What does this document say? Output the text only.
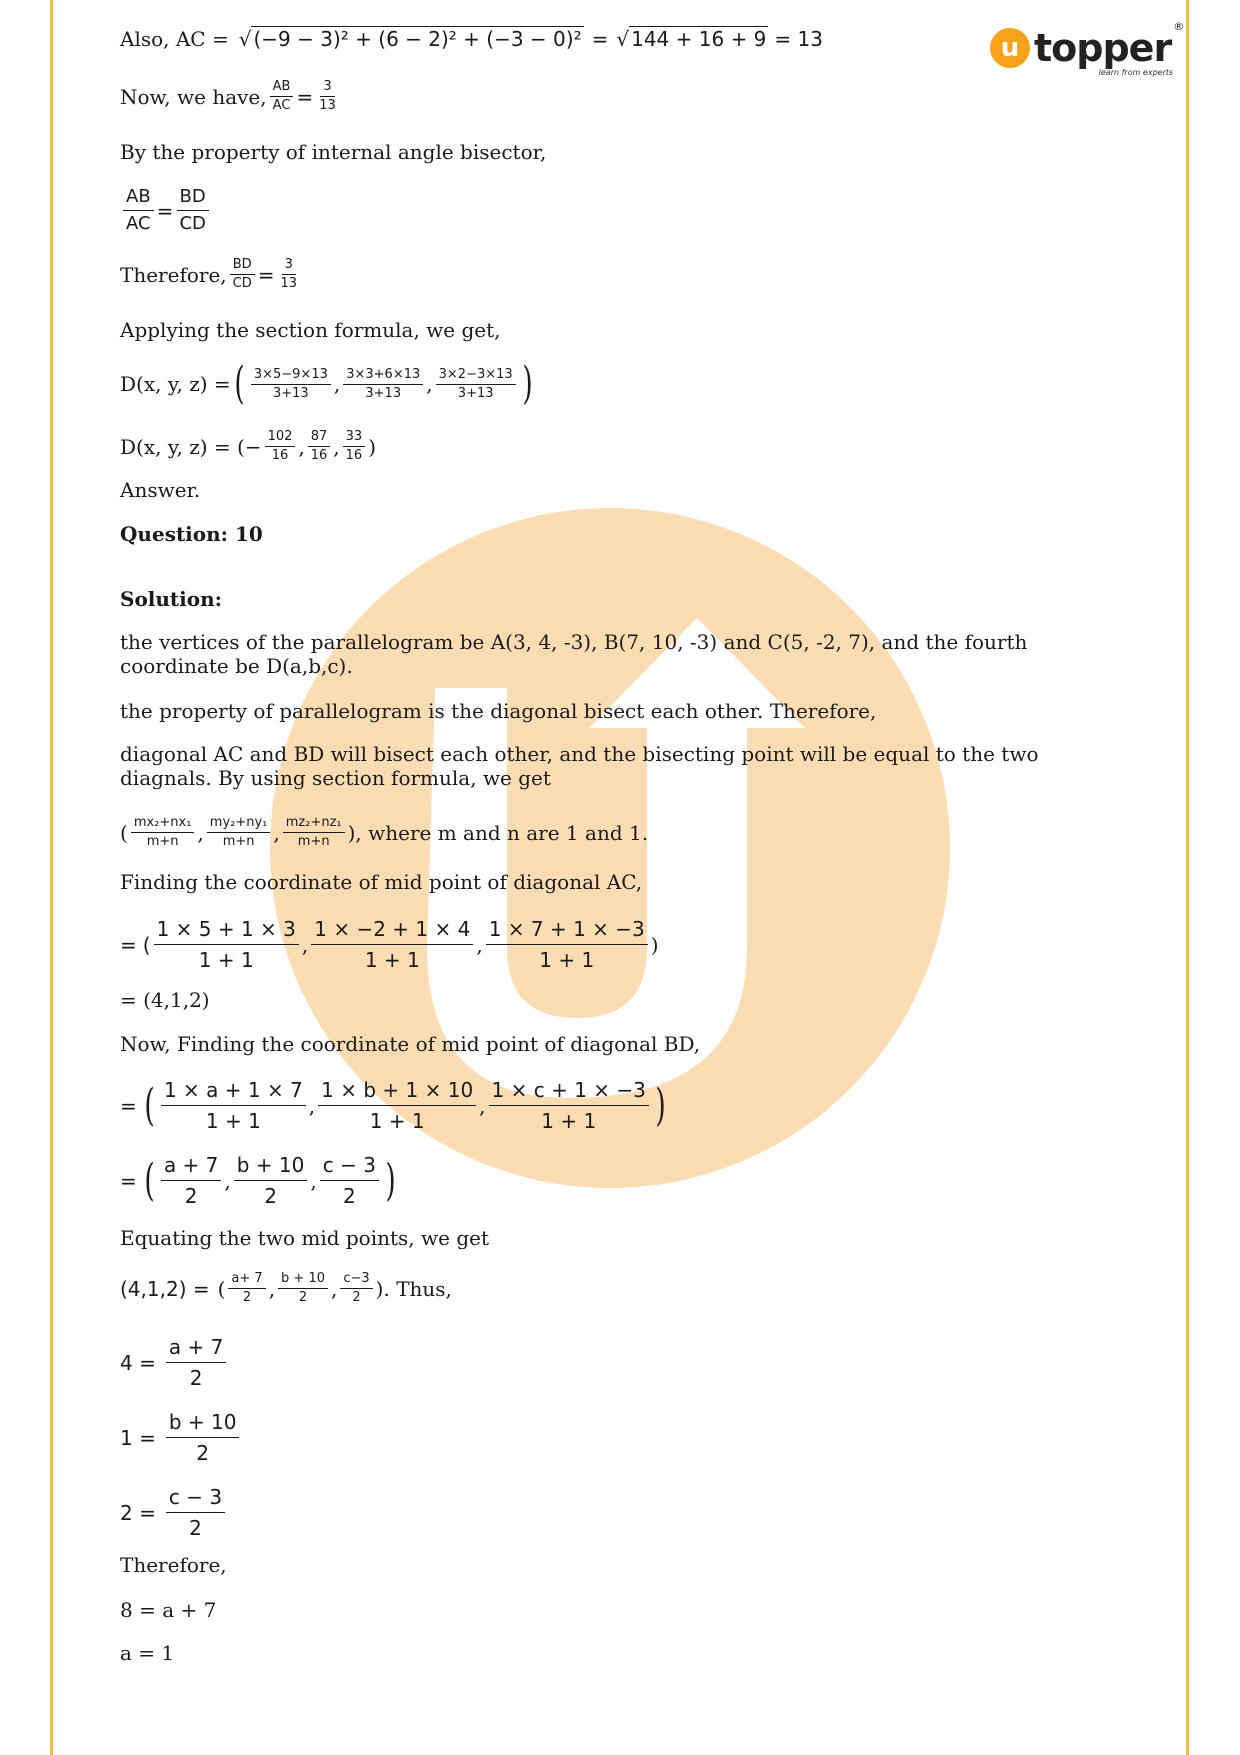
u topper ®
learn from experts
Also, AC = √ (−9 − 3)² + (6 − 2)² + (−3 − 0)² = √ 144 + 16 + 9 = 13
Now, we have, $\frac{AB}{AC} = \frac{3}{13}$
By the property of internal angle bisector,
$\frac{AB}{AC} = \frac{BD}{CD}$
Therefore, $\frac{BD}{CD} = \frac{3}{13}$
Applying the section formula, we get,
D(x, y, z) = ( $\frac{3\times 5-9\times 13}{3+13}$ , $\frac{3\times 3+6\times 13}{3+13}$ , $\frac{3\times 2-3\times 13}{3+13}$ )
D(x, y, z) = (− $\frac{102}{16}$ , $\frac{87}{16}$ , $\frac{33}{16}$ )
Answer.
Question: 10
Solution:
the vertices of the parallelogram be A(3, 4, -3), B(7, 10, -3) and C(5, -2, 7), and the fourth coordinate be D(a,b,c).
the property of parallelogram is the diagonal bisect each other. Therefore,
diagonal AC and BD will bisect each other, and the bisecting point will be equal to the two diagnals. By using section formula, we get
( $\frac{\text{mx₂+nx₁}}{m+n}$ , $\frac{\text{my₂+ny₁}}{m+n}$ , $\frac{\text{mz₂+nz₁}}{m+n}$ ), where m and n are 1 and 1.
Finding the coordinate of mid point of diagonal AC,
= ( $\frac{1 \times 5 + 1 \times 3}{1 + 1}$ , $\frac{1 \times -2 + 1 \times 4}{1 + 1}$ , $\frac{1 \times 7 + 1 \times -3}{1 + 1}$ )
= (4,1,2)
Now, Finding the coordinate of mid point of diagonal BD,
= ( $\frac{1 \times a + 1 \times 7}{1 + 1}$ , $\frac{1 \times b + 1 \times 10}{1 + 1}$ , $\frac{1 \times c + 1 \times -3}{1 + 1}$ )
= ( $\frac{a + 7}{2}$ , $\frac{b + 10}{2}$ , $\frac{c - 3}{2}$ )
Equating the two mid points, we get
(4,1,2) = ( $\frac{a+ 7}{2}$ , $\frac{b + 10}{2}$ , $\frac{c-3}{2}$ ). Thus,
$4 = \frac{a + 7}{2}$
$1 = \frac{b + 10}{2}$
$2 = \frac{c - 3}{2}$
Therefore,
8 = a + 7
a = 1
